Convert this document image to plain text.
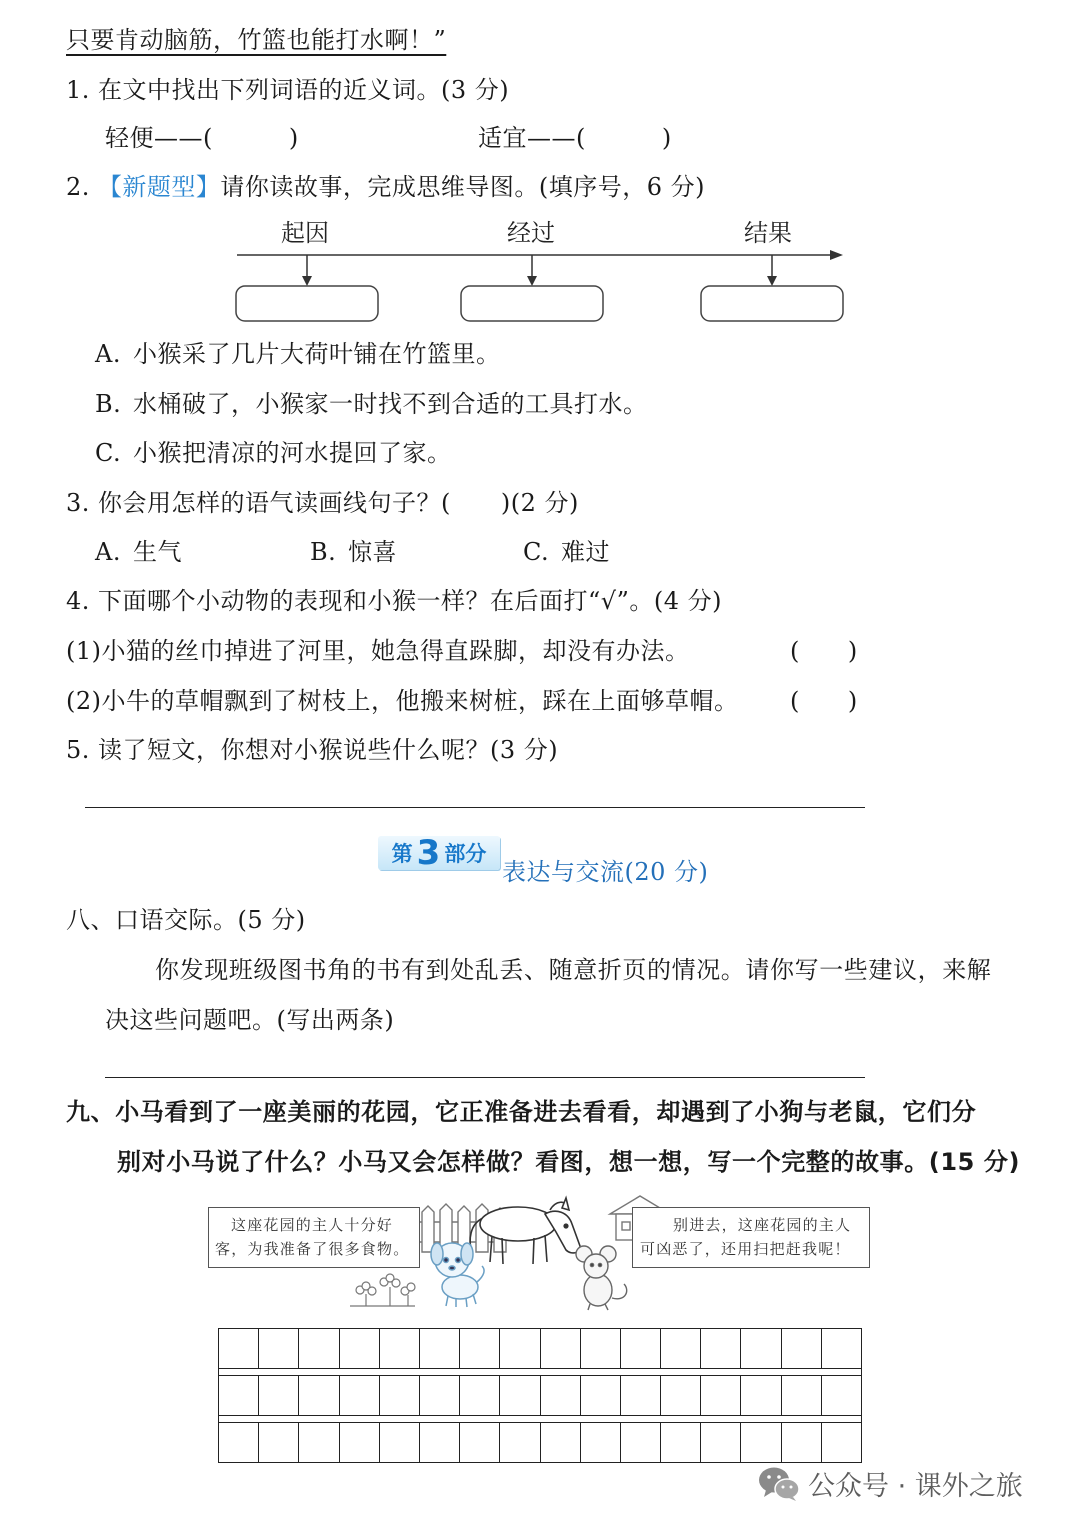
只要肯动脑筋，竹篮也能打水啊！”
1. 在文中找出下列词语的近义词。(3 分)
轻便——(	)	适宜——(	)
2. 【新题型】请你读故事，完成思维导图。(填序号，6 分)
起因	经过	结果
A. 小猴采了几片大荷叶铺在竹篮里。
B. 水桶破了，小猴家一时找不到合适的工具打水。
C. 小猴把清凉的河水提回了家。
3. 你会用怎样的语气读画线句子？( )(2 分)
A. 生气	B. 惊喜	C. 难过
4. 下面哪个小动物的表现和小猴一样？在后面打“√”。(4 分)
(1)小猫的丝巾掉进了河里，她急得直跺脚，却没有办法。	( )
(2)小牛的草帽飘到了树枝上，他搬来树桩，踩在上面够草帽。 ( )
5. 读了短文，你想对小猴说些什么呢？(3 分)
第 3 部分
表达与交流(20 分)
八、口语交际。(5 分)
你发现班级图书角的书有到处乱丢、随意折页的情况。请你写一些建议，来解
决这些问题吧。(写出两条)
九、小马看到了一座美丽的花园，它正准备进去看看，却遇到了小狗与老鼠，它们分
别对小马说了什么？小马又会怎样做？看图，想一想，写一个完整的故事。(15 分)
这座花园的主人十分好
客，为我准备了很多食物。
别进去，这座花园的主人
可凶恶了，还用扫把赶我呢！
公众号 · 课外之旅
